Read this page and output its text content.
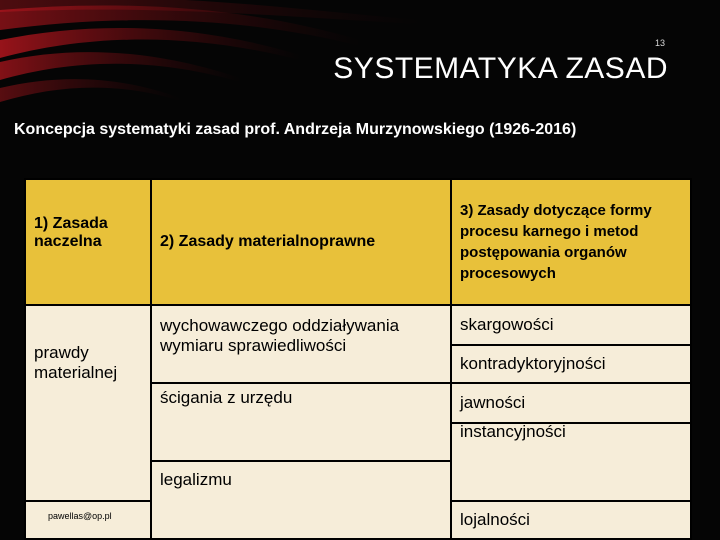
13
SYSTEMATYKA ZASAD
Koncepcja systematyki zasad prof. Andrzeja Murzynowskiego (1926-2016)
1) Zasada naczelna	2) Zasady materialnoprawne	3) Zasady dotyczące formy procesu karnego i metod postępowania organów procesowych

prawdy materialnej	wychowawczego oddziaływania wymiaru sprawiedliwości	skargowości

		kontradyktoryjności

	ścigania z urzędu	jawności

		instancyjności

	legalizmu	

		lojalności
pawellas@op.pl
